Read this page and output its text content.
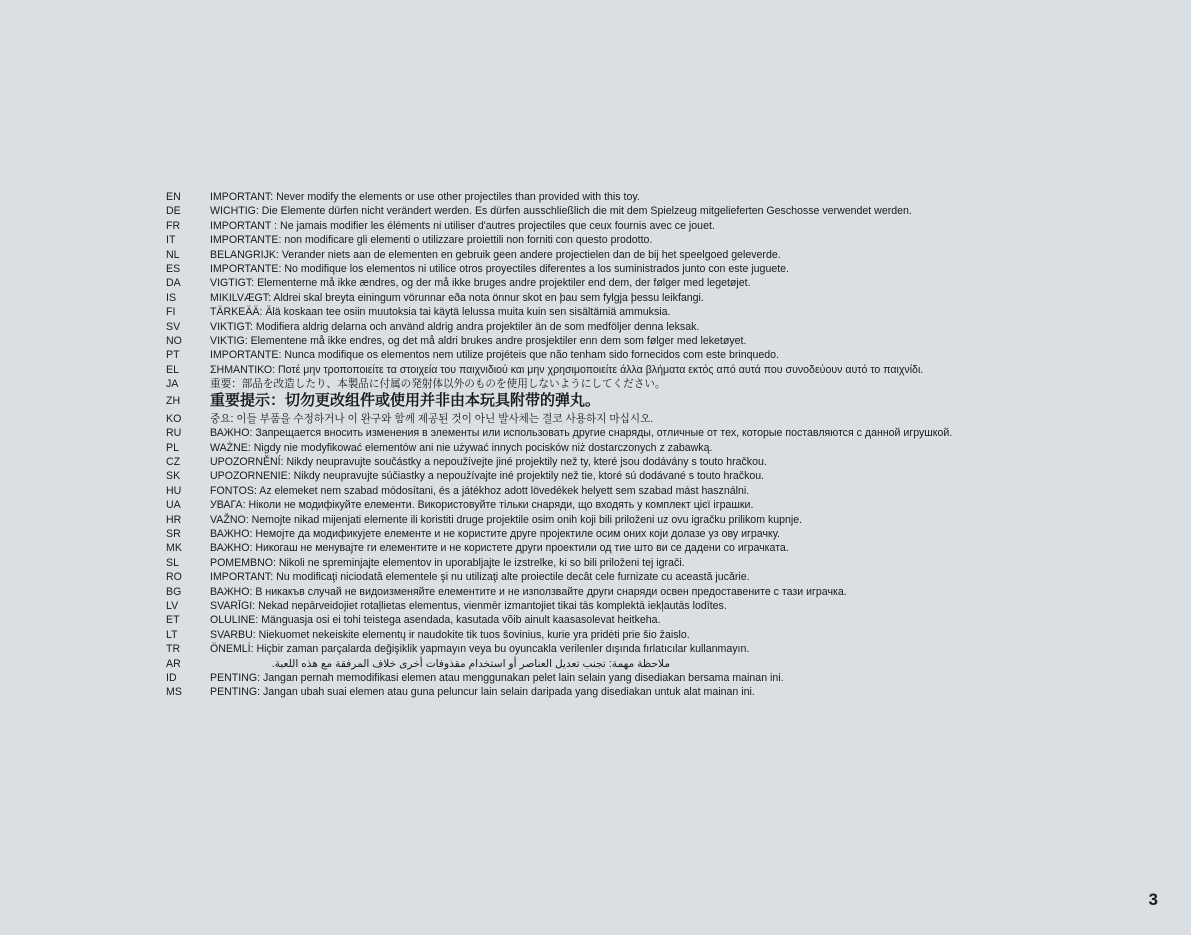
EN	IMPORTANT: Never modify the elements or use other projectiles than provided with this toy.
DE	WICHTIG: Die Elemente dürfen nicht verändert werden. Es dürfen ausschließlich die mit dem Spielzeug mitgelieferten Geschosse verwendet werden.
FR	IMPORTANT : Ne jamais modifier les éléments ni utiliser d'autres projectiles que ceux fournis avec ce jouet.
IT	IMPORTANTE: non modificare gli elementi o utilizzare proiettili non forniti con questo prodotto.
NL	BELANGRIJK: Verander niets aan de elementen en gebruik geen andere projectielen dan de bij het speelgoed geleverde.
ES	IMPORTANTE: No modifique los elementos ni utilice otros proyectiles diferentes a los suministrados junto con este juguete.
DA	VIGTIGT: Elementerne må ikke ændres, og der må ikke bruges andre projektiler end dem, der følger med legetøjet.
IS	MIKILVÆGT: Aldrei skal breyta einingum vörunnar eða nota önnur skot en þau sem fylgja þessu leikfangi.
FI	TÄRKEÄÄ: Älä koskaan tee osiin muutoksia tai käytä lelussa muita kuin sen sisältämiä ammuksia.
SV	VIKTIGT: Modifiera aldrig delarna och använd aldrig andra projektiler än de som medföljer denna leksak.
NO	VIKTIG: Elementene må ikke endres, og det må aldri brukes andre prosjektiler enn dem som følger med leketøyet.
PT	IMPORTANTE: Nunca modifique os elementos nem utilize projéteis que não tenham sido fornecidos com este brinquedo.
EL	ΣΗΜΑΝΤΙΚΟ: Ποτέ μην τροποποιείτε τα στοιχεία του παιχνιδιού και μην χρησιμοποιείτε άλλα βλήματα εκτός από αυτά που συνοδεύουν αυτό το παιχνίδι.
JA	重要：部品を改造したり、本製品に付属の発射体以外のものを使用しないようにしてください。
ZH	重要提示：切勿更改组件或使用并非由本玩具附带的弹丸。
KO	중요: 이들 부품을 수정하거나 이 완구와 함께 제공된 것이 아닌 발사체는 결코 사용하지 마십시오.
RU	ВАЖНО: Запрещается вносить изменения в элементы или использовать другие снаряды, отличные от тех, которые поставляются с данной игрушкой.
PL	WAŻNE: Nigdy nie modyfikować elementów ani nie używać innych pocisków niż dostarczonych z zabawką.
CZ	UPOZORNĚNÍ: Nikdy neupravujte součástky a nepoužívejte jiné projektily než ty, které jsou dodávány s touto hračkou.
SK	UPOZORNENIE: Nikdy neupravujte súčiastky a nepoužívajte iné projektily než tie, ktoré sú dodávané s touto hračkou.
HU	FONTOS: Az elemeket nem szabad módosítani, és a játékhoz adott lövedékek helyett sem szabad mást használni.
UA	УВАГА: Ніколи не модифікуйте елементи. Використовуйте тільки снаряди, що входять у комплект цієї іграшки.
HR	VAŽNO: Nemojte nikad mijenjati elemente ili koristiti druge projektile osim onih koji bili priloženi uz ovu igračku prilikom kupnje.
SR	ВАЖНО: Немојте да модификујете елементе и не користите друге пројектиле осим оних који долазе уз ову играчку.
MK	ВАЖНО: Никогаш не менувајте ги елементите и не користете други проектили од тие што ви се дадени со играчката.
SL	POMEMBNO: Nikoli ne spreminjajte elementov in uporabljajte le izstrelke, ki so bili priloženi tej igrači.
RO	IMPORTANT: Nu modificaţi niciodată elementele şi nu utilizaţi alte proiectile decât cele furnizate cu această jucărie.
BG	ВАЖНО: В никакъв случай не видоизменяйте елементите и не използвайте други снаряди освен предоставените с тази играчка.
LV	SVARĪGI: Nekad nepārveidojiet rotaļlietas elementus, vienmēr izmantojiet tikai tās komplektā iekļautās lodītes.
ET	OLULINE: Mänguasja osi ei tohi teistega asendada, kasutada võib ainult kaasasolevat heitkeha.
LT	SVARBU: Niekuomet nekeiskite elementų ir naudokite tik tuos šovinius, kurie yra pridėti prie šio žaislo.
TR	ÖNEMLİ: Hiçbir zaman parçalarda değişiklik yapmayın veya bu oyuncakla verilenler dışında fırlatıcılar kullanmayın.
AR	ملاحظة مهمة: تجنب تعديل العناصر أو استخدام مقذوفات أخرى خلاف المرفقة مع هذه اللعبة.
ID	PENTING: Jangan pernah memodifikasi elemen atau menggunakan pelet lain selain yang disediakan bersama mainan ini.
MS	PENTING: Jangan ubah suai elemen atau guna peluncur lain selain daripada yang disediakan untuk alat mainan ini.
3
